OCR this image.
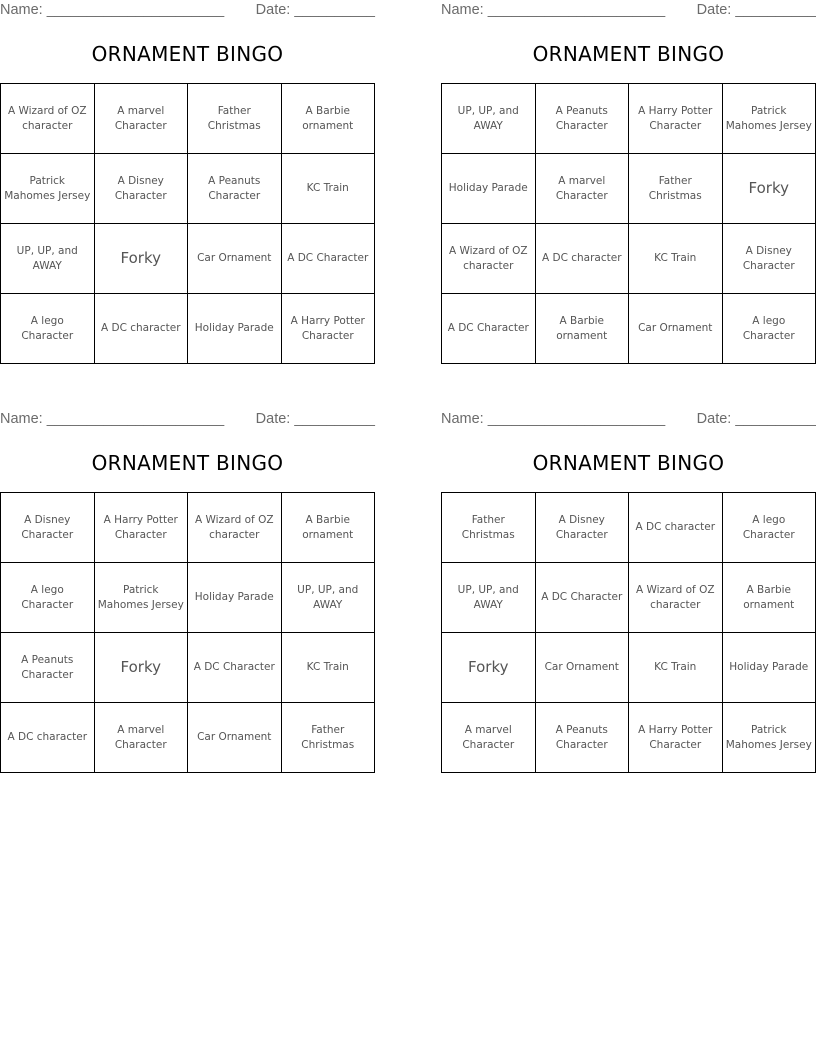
Name: ______________________ Date: __________
ORNAMENT BINGO
A Wizard of OZ character	A marvel Character	Father Christmas	A Barbie ornament
Patrick Mahomes Jersey	A Disney Character	A Peanuts Character	KC Train
UP, UP, and AWAY	Forky	Car Ornament	A DC Character
A lego Character	A DC character	Holiday Parade	A Harry Potter Character
Name: ______________________ Date: __________
ORNAMENT BINGO
UP, UP, and AWAY	A Peanuts Character	A Harry Potter Character	Patrick Mahomes Jersey
Holiday Parade	A marvel Character	Father Christmas	Forky
A Wizard of OZ character	A DC character	KC Train	A Disney Character
A DC Character	A Barbie ornament	Car Ornament	A lego Character
Name: ______________________ Date: __________
ORNAMENT BINGO
A Disney Character	A Harry Potter Character	A Wizard of OZ character	A Barbie ornament
A lego Character	Patrick Mahomes Jersey	Holiday Parade	UP, UP, and AWAY
A Peanuts Character	Forky	A DC Character	KC Train
A DC character	A marvel Character	Car Ornament	Father Christmas
Name: ______________________ Date: __________
ORNAMENT BINGO
Father Christmas	A Disney Character	A DC character	A lego Character
UP, UP, and AWAY	A DC Character	A Wizard of OZ character	A Barbie ornament
Forky	Car Ornament	KC Train	Holiday Parade
A marvel Character	A Peanuts Character	A Harry Potter Character	Patrick Mahomes Jersey
